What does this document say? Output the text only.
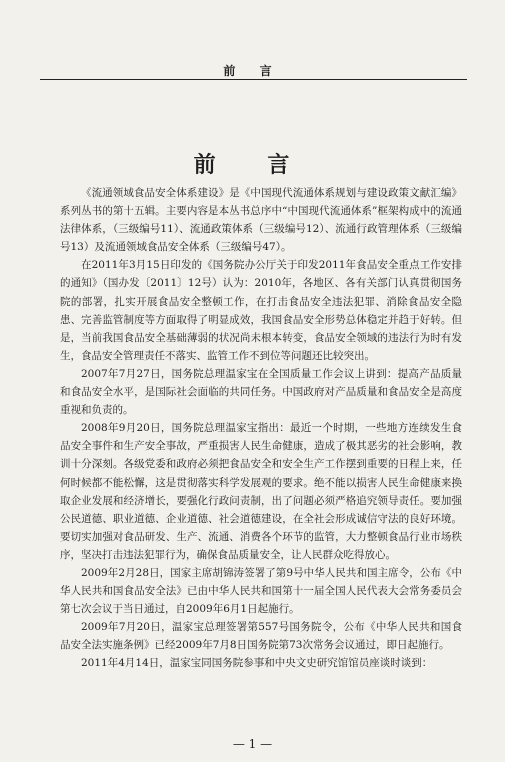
前 言
前 言

《流通领域食品安全体系建设》是《中国现代流通体系规划与建设政策文献汇编》系列丛书的第十五辑。主要内容是本丛书总序中“中国现代流通体系”框架构成中的流通法律体系，（三级编号11）、流通政策体系（三级编号12）、流通行政管理体系（三级编号13）及流通领域食品安全体系（三级编号47）。

在2011年3月15日印发的《国务院办公厅关于印发2011年食品安全重点工作安排的通知》（国办发〔2011〕12号）认为：2010年，各地区、各有关部门认真贯彻国务院的部署，扎实开展食品安全整顿工作，在打击食品安全违法犯罪、消除食品安全隐患、完善监管制度等方面取得了明显成效，我国食品安全形势总体稳定并趋于好转。但是，当前我国食品安全基础薄弱的状况尚未根本转变，食品安全领域的违法行为时有发生，食品安全管理责任不落实、监管工作不到位等问题还比较突出。

2007年7月27日，国务院总理温家宝在全国质量工作会议上讲到：提高产品质量和食品安全水平，是国际社会面临的共同任务。中国政府对产品质量和食品安全是高度重视和负责的。

2008年9月20日，国务院总理温家宝指出：最近一个时期，一些地方连续发生食品安全事件和生产安全事故，严重损害人民生命健康，造成了极其恶劣的社会影响，教训十分深刻。各级党委和政府必须把食品安全和安全生产工作摆到重要的日程上来，任何时候都不能松懈，这是贯彻落实科学发展观的要求。绝不能以损害人民生命健康来换取企业发展和经济增长，要强化行政问责制，出了问题必须严格追究领导责任。要加强公民道德、职业道德、企业道德、社会道德建设，在全社会形成诚信守法的良好环境。要切实加强对食品研发、生产、流通、消费各个环节的监管，大力整顿食品行业市场秩序，坚决打击违法犯罪行为，确保食品质量安全，让人民群众吃得放心。

2009年2月28日，国家主席胡锦涛签署了第9号中华人民共和国主席令，公布《中华人民共和国食品安全法》已由中华人民共和国第十一届全国人民代表大会常务委员会第七次会议于当日通过，自2009年6月1日起施行。

2009年7月20日，温家宝总理签署第557号国务院令，公布《中华人民共和国食品安全法实施条例》已经2009年7月8日国务院第73次常务会议通过，即日起施行。

2011年4月14日，温家宝同国务院参事和中央文史研究馆馆员座谈时谈到：

— 1 —
